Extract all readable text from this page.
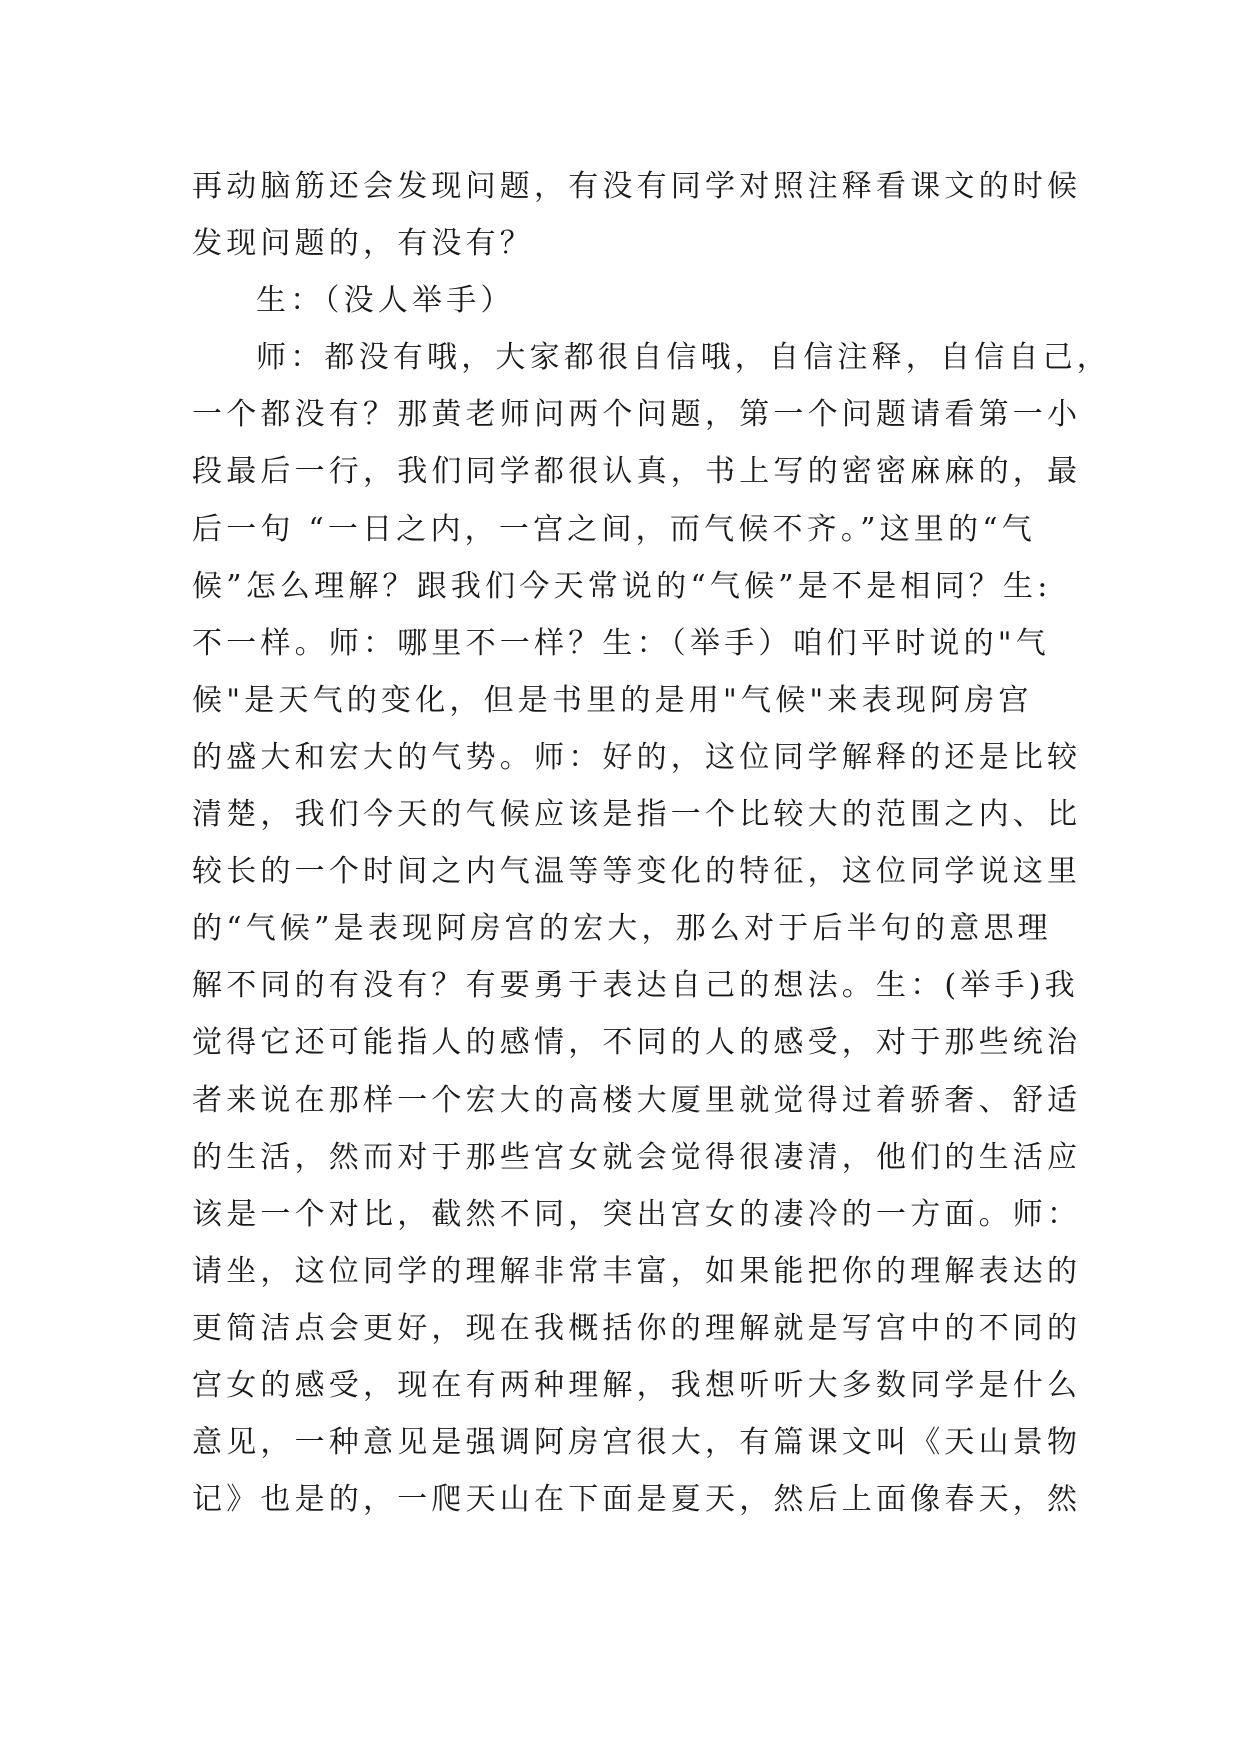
再动脑筋还会发现问题，有没有同学对照注释看课文的时候
发现问题的，有没有？
生：（没人举手）
师：都没有哦，大家都很自信哦，自信注释，自信自己，
一个都没有？那黄老师问两个问题，第一个问题请看第一小
段最后一行，我们同学都很认真，书上写的密密麻麻的，最
后一句 “一日之内，一宫之间，而气候不齐。”这里的“气
候”怎么理解？跟我们今天常说的“气候”是不是相同？生:
不一样。师：哪里不一样？生：（举手）咱们平时说的"气
候"是天气的变化，但是书里的是用"气候"来表现阿房宫
的盛大和宏大的气势。师：好的，这位同学解释的还是比较
清楚，我们今天的气候应该是指一个比较大的范围之内、比
较长的一个时间之内气温等等变化的特征，这位同学说这里
的“气候”是表现阿房宫的宏大，那么对于后半句的意思理
解不同的有没有？有要勇于表达自己的想法。生：(举手)我
觉得它还可能指人的感情，不同的人的感受，对于那些统治
者来说在那样一个宏大的高楼大厦里就觉得过着骄奢、舒适
的生活，然而对于那些宫女就会觉得很凄清，他们的生活应
该是一个对比，截然不同，突出宫女的凄冷的一方面。师：
请坐，这位同学的理解非常丰富，如果能把你的理解表达的
更简洁点会更好，现在我概括你的理解就是写宫中的不同的
宫女的感受，现在有两种理解，我想听听大多数同学是什么
意见，一种意见是强调阿房宫很大，有篇课文叫《天山景物
记》也是的，一爬天山在下面是夏天，然后上面像春天，然
